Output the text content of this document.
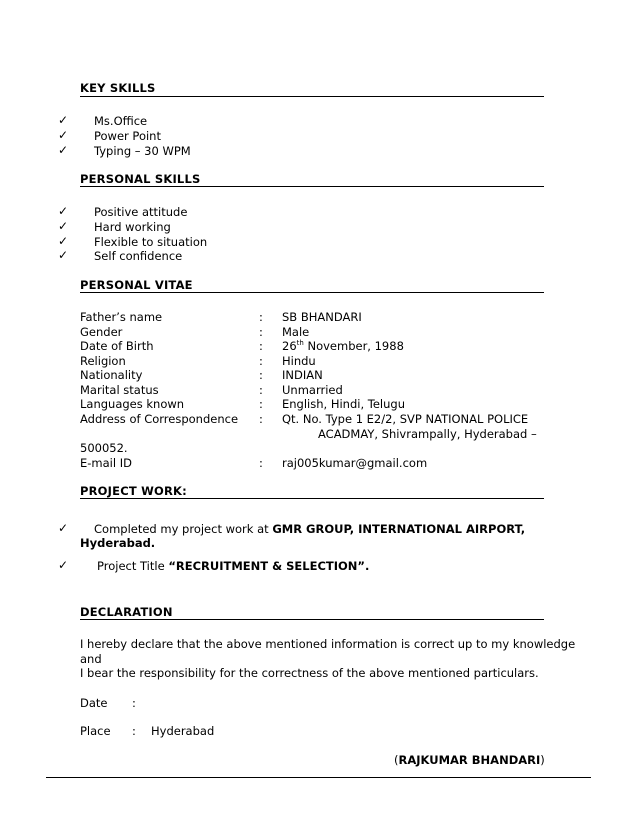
KEY SKILLS
✓ Ms.Office
✓ Power Point
✓ Typing – 30 WPM
PERSONAL SKILLS
✓ Positive attitude
✓ Hard working
✓ Flexible to situation
✓ Self confidence
PERSONAL VITAE
Father’s name	: SB BHANDARI
Gender	: Male
Date of Birth	: 26th November, 1988
Religion	: Hindu
Nationality	: INDIAN
Marital status	: Unmarried
Languages known	: English, Hindi, Telugu
Address of Correspondence : Qt. No. Type 1 E2/2, SVP NATIONAL POLICE
ACADMAY, Shivrampally, Hyderabad –
500052.
E-mail ID	: raj005kumar@gmail.com
PROJECT WORK:
✓ Completed my project work at GMR GROUP, INTERNATIONAL AIRPORT,
Hyderabad.
✓	Project Title “RECRUITMENT & SELECTION”.
DECLARATION
I hereby declare that the above mentioned information is correct up to my knowledge
and
I bear the responsibility for the correctness of the above mentioned particulars.
Date :
Place : Hyderabad
(RAJKUMAR BHANDARI)
